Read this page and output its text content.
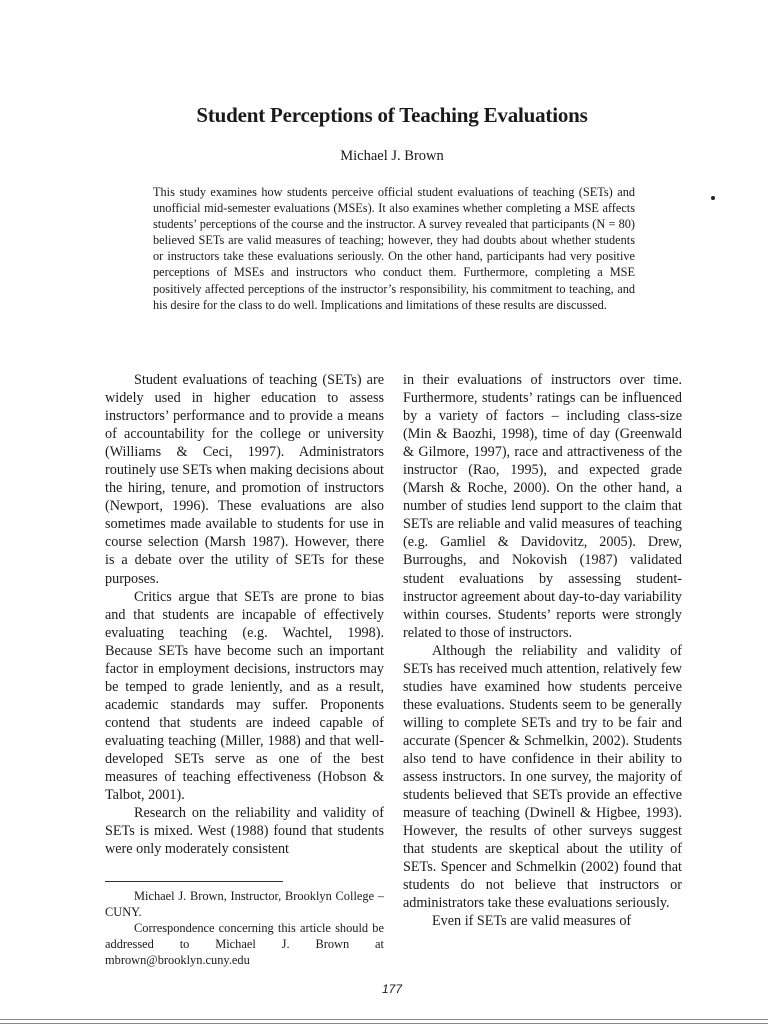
Student Perceptions of Teaching Evaluations
Michael J. Brown

This study examines how students perceive official student evaluations of teaching (SETs) and unofficial mid-semester evaluations (MSEs). It also examines whether completing a MSE affects students’ perceptions of the course and the instructor. A survey revealed that participants (N = 80) believed SETs are valid measures of teaching; however, they had doubts about whether students or instructors take these evaluations seriously. On the other hand, participants had very positive perceptions of MSEs and instructors who conduct them. Furthermore, completing a MSE positively affected perceptions of the instructor’s responsibility, his commitment to teaching, and his desire for the class to do well. Implications and limitations of these results are discussed.

Student evaluations of teaching (SETs) are widely used in higher education to assess instructors’ performance and to provide a means of accountability for the college or university (Williams & Ceci, 1997). Administrators routinely use SETs when making decisions about the hiring, tenure, and promotion of instructors (Newport, 1996). These evaluations are also sometimes made available to students for use in course selection (Marsh 1987). However, there is a debate over the utility of SETs for these purposes.

Critics argue that SETs are prone to bias and that students are incapable of effectively evaluating teaching (e.g. Wachtel, 1998). Because SETs have become such an important factor in employment decisions, instructors may be temped to grade leniently, and as a result, academic standards may suffer. Proponents contend that students are indeed capable of evaluating teaching (Miller, 1988) and that well-developed SETs serve as one of the best measures of teaching effectiveness (Hobson & Talbot, 2001).

Research on the reliability and validity of SETs is mixed. West (1988) found that students were only moderately consistent

in their evaluations of instructors over time. Furthermore, students’ ratings can be influenced by a variety of factors – including class-size (Min & Baozhi, 1998), time of day (Greenwald & Gilmore, 1997), race and attractiveness of the instructor (Rao, 1995), and expected grade (Marsh & Roche, 2000). On the other hand, a number of studies lend support to the claim that SETs are reliable and valid measures of teaching (e.g. Gamliel & Davidovitz, 2005). Drew, Burroughs, and Nokovish (1987) validated student evaluations by assessing student-instructor agreement about day-to-day variability within courses. Students’ reports were strongly related to those of instructors.

Although the reliability and validity of SETs has received much attention, relatively few studies have examined how students perceive these evaluations. Students seem to be generally willing to complete SETs and try to be fair and accurate (Spencer & Schmelkin, 2002). Students also tend to have confidence in their ability to assess instructors. In one survey, the majority of students believed that SETs provide an effective measure of teaching (Dwinell & Higbee, 1993). However, the results of other surveys suggest that students are skeptical about the utility of SETs. Spencer and Schmelkin (2002) found that students do not believe that instructors or administrators take these evaluations seriously.

Even if SETs are valid measures of

Michael J. Brown, Instructor, Brooklyn College – CUNY.

Correspondence concerning this article should be addressed to Michael J. Brown at mbrown@brooklyn.cuny.edu

177
